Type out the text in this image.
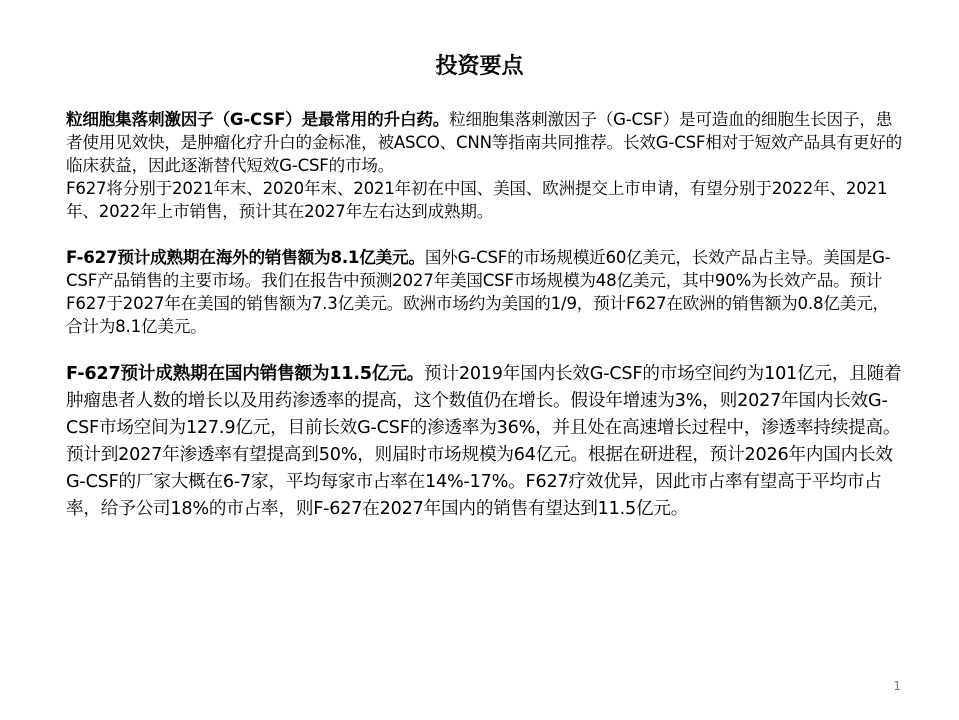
投资要点

粒细胞集落刺激因子（G-CSF）是最常用的升白药。粒细胞集落刺激因子（G-CSF）是可造血的细胞生长因子，患者使用见效快，是肿瘤化疗升白的金标准，被ASCO、CNN等指南共同推荐。长效G-CSF相对于短效产品具有更好的临床获益，因此逐渐替代短效G-CSF的市场。

F627将分别于2021年末、2020年末、2021年初在中国、美国、欧洲提交上市申请，有望分别于2022年、2021年、2022年上市销售，预计其在2027年左右达到成熟期。

F-627预计成熟期在海外的销售额为8.1亿美元。国外G-CSF的市场规模近60亿美元，长效产品占主导。美国是G-CSF产品销售的主要市场。我们在报告中预测2027年美国CSF市场规模为48亿美元，其中90%为长效产品。预计F627于2027年在美国的销售额为7.3亿美元。欧洲市场约为美国的1/9，预计F627在欧洲的销售额为0.8亿美元，合计为8.1亿美元。

F-627预计成熟期在国内销售额为11.5亿元。预计2019年国内长效G-CSF的市场空间约为101亿元，且随着肿瘤患者人数的增长以及用药渗透率的提高，这个数值仍在增长。假设年增速为3%，则2027年国内长效G-CSF市场空间为127.9亿元，目前长效G-CSF的渗透率为36%，并且处在高速增长过程中，渗透率持续提高。预计到2027年渗透率有望提高到50%，则届时市场规模为64亿元。根据在研进程，预计2026年内国内长效G-CSF的厂家大概在6-7家，平均每家市占率在14%-17%。F627疗效优异，因此市占率有望高于平均市占率，给予公司18%的市占率，则F-627在2027年国内的销售有望达到11.5亿元。

1
